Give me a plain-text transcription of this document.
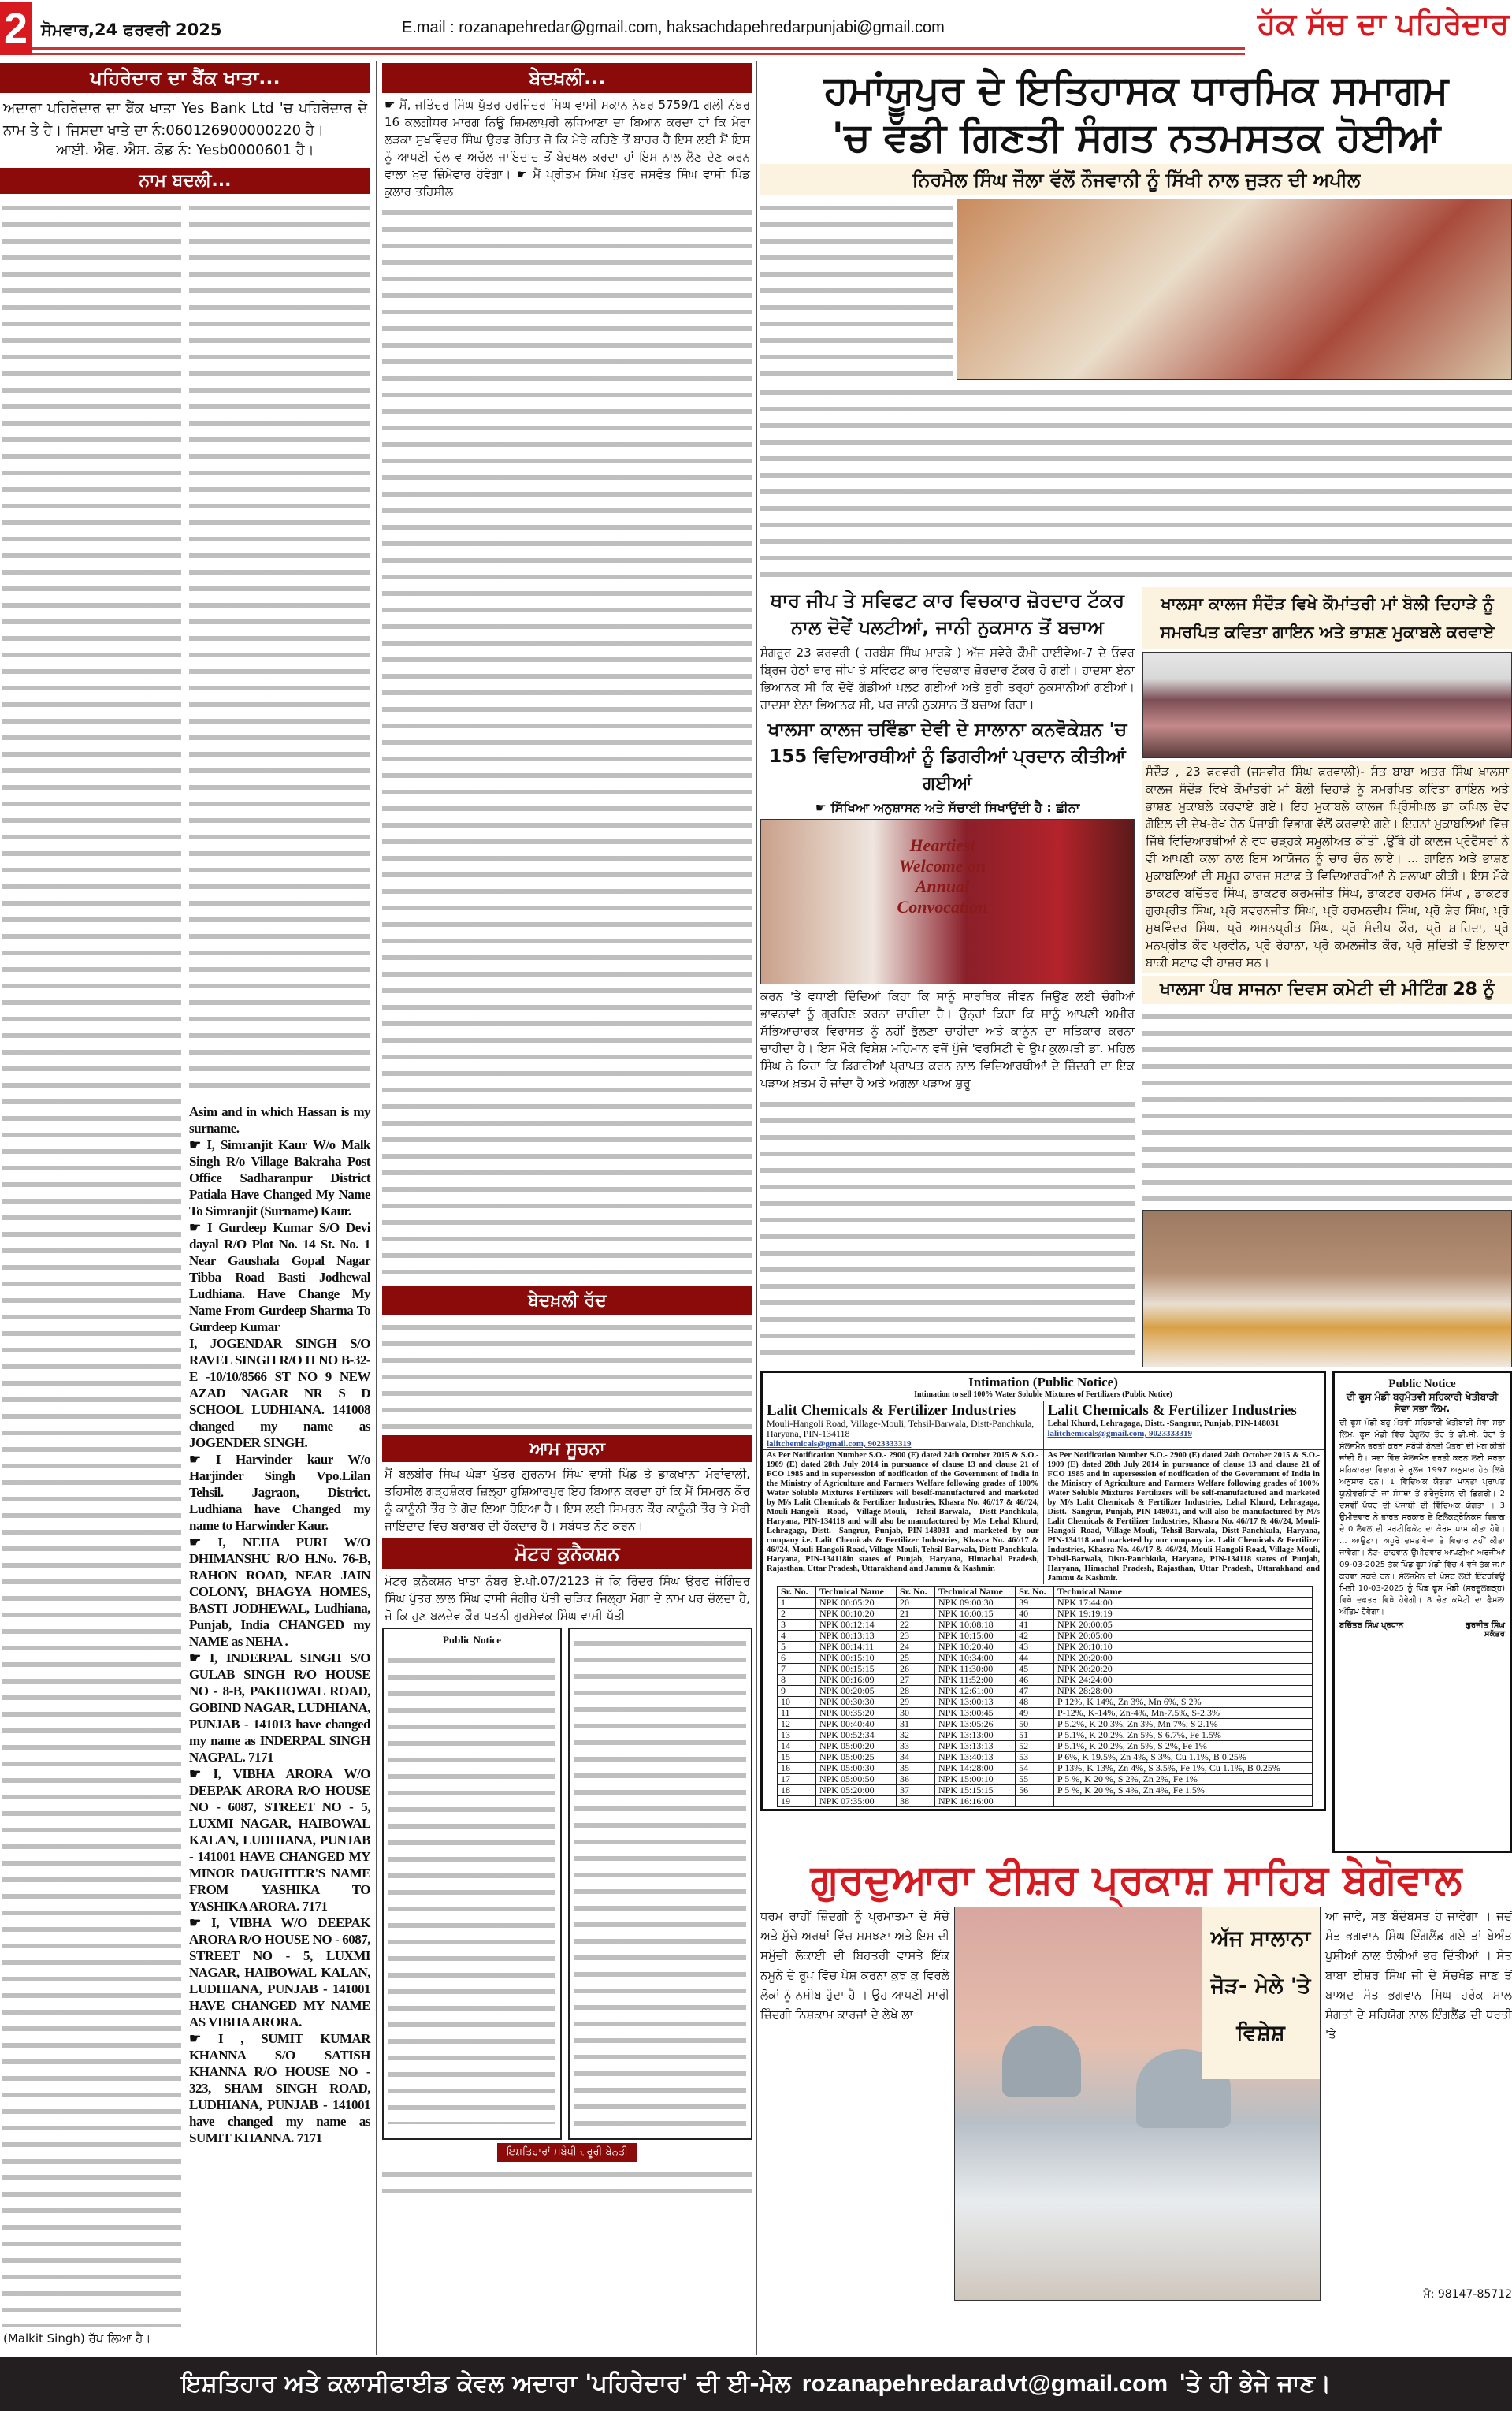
2 ਸੋਮਵਾਰ,24 ਫਰਵਰੀ 2025	E.mail : rozanapehredar@gmail.com, haksachdapehredarpunjabi@gmail.com	ਹੱਕ ਸੱਚ ਦਾ ਪਹਿਰੇਦਾਰ
ਪਹਿਰੇਦਾਰ ਦਾ ਬੈਂਕ ਖਾਤਾ...
ਅਦਾਰਾ ਪਹਿਰੇਦਾਰ ਦਾ ਬੈਂਕ ਖਾਤਾ Yes Bank Ltd 'ਚ ਪਹਿਰੇਦਾਰ ਦੇ ਨਾਮ ਤੇ ਹੈ। ਜਿਸਦਾ ਖਾਤੇ ਦਾ ਨੰ:060126900000220 ਹੈ।
ਆਈ. ਐਫ. ਐਸ. ਕੋਡ ਨੰ: Yesb0000601 ਹੈ।
ਨਾਮ ਬਦਲੀ...
(Malkit Singh) ਰੱਖ ਲਿਆ ਹੈ।

Asim and in which Hassan is my surname.

☛ I, Simranjit Kaur W/o Malk Singh R/o Village Bakraha Post Office Sadharanpur District Patiala Have Changed My Name To Simranjit (Surname) Kaur.

☛ I Gurdeep Kumar S/O Devi dayal R/O Plot No. 14 St. No. 1 Near Gaushala Gopal Nagar Tibba Road Basti Jodhewal Ludhiana. Have Change My Name From Gurdeep Sharma To Gurdeep Kumar

I, JOGENDAR SINGH S/O RAVEL SINGH R/O H NO B-32-E -10/10/8566 ST NO 9 NEW AZAD NAGAR NR S D SCHOOL LUDHIANA. 141008 changed my name as JOGENDER SINGH.

☛ I Harvinder kaur W/o Harjinder Singh Vpo.Lilan Tehsil. Jagraon, District. Ludhiana have Changed my name to Harwinder Kaur.

☛ I, NEHA PURI W/O DHIMANSHU R/O H.No. 76-B, RAHON ROAD, NEAR JAIN COLONY, BHAGYA HOMES, BASTI JODHEWAL, Ludhiana, Punjab, India CHANGED my NAME as NEHA .

☛ I, INDERPAL SINGH S/O GULAB SINGH R/O HOUSE NO - 8-B, PAKHOWAL ROAD, GOBIND NAGAR, LUDHIANA, PUNJAB - 141013 have changed my name as INDERPAL SINGH NAGPAL. 7171

☛ I, VIBHA ARORA W/O DEEPAK ARORA R/O HOUSE NO - 6087, STREET NO - 5, LUXMI NAGAR, HAIBOWAL KALAN, LUDHIANA, PUNJAB - 141001 HAVE CHANGED MY MINOR DAUGHTER'S NAME FROM YASHIKA TO YASHIKA ARORA. 7171

☛ I, VIBHA W/O DEEPAK ARORA R/O HOUSE NO - 6087, STREET NO - 5, LUXMI NAGAR, HAIBOWAL KALAN, LUDHIANA, PUNJAB - 141001 HAVE CHANGED MY NAME AS VIBHA ARORA.

☛ I , SUMIT KUMAR KHANNA S/O SATISH KHANNA R/O HOUSE NO - 323, SHAM SINGH ROAD, LUDHIANA, PUNJAB - 141001 have changed my name as SUMIT KHANNA. 7171

ਬੇਦਖ਼ਲੀ...
☛ ਮੈਂ, ਜਤਿੰਦਰ ਸਿੰਘ ਪੁੱਤਰ ਹਰਜਿੰਦਰ ਸਿੰਘ ਵਾਸੀ ਮਕਾਨ ਨੰਬਰ 5759/1 ਗਲੀ ਨੰਬਰ 16 ਕਲਗੀਧਰ ਮਾਰਗ ਨਿਊ ਸ਼ਿਮਲਾਪੁਰੀ ਲੁਧਿਆਣਾ ਦਾ ਬਿਆਨ ਕਰਦਾ ਹਾਂ ਕਿ ਮੇਰਾ ਲੜਕਾ ਸੁਖਵਿੰਦਰ ਸਿੰਘ ਉਰਫ ਰੋਹਿਤ ਜੋ ਕਿ ਮੇਰੇ ਕਹਿਣੇ ਤੋਂ ਬਾਹਰ ਹੈ ਇਸ ਲਈ ਮੈਂ ਇਸ ਨੂੰ ਆਪਣੀ ਚੱਲ ਵ ਅਚੱਲ ਜਾਇਦਾਦ ਤੋਂ ਬੇਦਖਲ ਕਰਦਾ ਹਾਂ ਇਸ ਨਾਲ ਲੈਣ ਦੇਣ ਕਰਨ ਵਾਲਾ ਖੁਦ ਜ਼ਿੰਮੇਵਾਰ ਹੋਵੇਗਾ। ☛ ਮੈਂ ਪ੍ਰੀਤਮ ਸਿੰਘ ਪੁੱਤਰ ਜਸਵੰਤ ਸਿੰਘ ਵਾਸੀ ਪਿੰਡ ਕੁਲਾਰ ਤਹਿਸੀਲ
ਬੇਦਖ਼ਲੀ ਰੱਦ
ਆਮ ਸੂਚਨਾ
ਮੈਂ ਬਲਬੀਰ ਸਿੰਘ ਘੇੜਾ ਪੁੱਤਰ ਗੁਰਨਾਮ ਸਿੰਘ ਵਾਸੀ ਪਿੰਡ ਤੇ ਡਾਕਖਾਨਾ ਮੋਰਾਂਵਾਲੀ, ਤਹਿਸੀਲ ਗੜ੍ਹਸ਼ੰਕਰ ਜ਼ਿਲ੍ਹਾ ਹੁਸ਼ਿਆਰਪੁਰ ਇਹ ਬਿਆਨ ਕਰਦਾ ਹਾਂ ਕਿ ਮੈਂ ਸਿਮਰਨ ਕੌਰ ਨੂੰ ਕਾਨੂੰਨੀ ਤੌਰ ਤੇ ਗੋਦ ਲਿਆ ਹੋਇਆ ਹੈ। ਇਸ ਲਈ ਸਿਮਰਨ ਕੌਰ ਕਾਨੂੰਨੀ ਤੌਰ ਤੇ ਮੇਰੀ ਜਾਇਦਾਦ ਵਿਚ ਬਰਾਬਰ ਦੀ ਹੱਕਦਾਰ ਹੈ। ਸਬੰਧਤ ਨੋਟ ਕਰਨ।
ਮੋਟਰ ਕੁਨੈਕਸ਼ਨ
ਮੋਟਰ ਕੁਨੈਕਸ਼ਨ ਖਾਤਾ ਨੰਬਰ ਏ.ਪੀ.07/2123 ਜੋ ਕਿ ਰਿੰਦਰ ਸਿੰਘ ਉਰਫ ਜੋਗਿੰਦਰ ਸਿੰਘ ਪੁੱਤਰ ਲਾਲ ਸਿੰਘ ਵਾਸੀ ਜੰਗੀਰ ਪੱਤੀ ਚੜਿੱਕ ਜਿਲ੍ਹਾ ਮੋਗਾ ਦੇ ਨਾਮ ਪਰ ਚੱਲਦਾ ਹੈ, ਜੋ ਕਿ ਹੁਣ ਬਲਦੇਵ ਕੌਰ ਪਤਨੀ ਗੁਰਸੇਵਕ ਸਿੰਘ ਵਾਸੀ ਪੱਤੀ
Public Notice
ਇਸ਼ਤਿਹਾਰਾਂ ਸਬੰਧੀ ਜ਼ਰੂਰੀ ਬੇਨਤੀ
ਹਮਾਂਯੂਪੁਰ ਦੇ ਇਤਿਹਾਸਕ ਧਾਰਮਿਕ ਸਮਾਗਮ
'ਚ ਵੱਡੀ ਗਿਣਤੀ ਸੰਗਤ ਨਤਮਸਤਕ ਹੋਈਆਂ
ਨਿਰਮੈਲ ਸਿੰਘ ਜੌਲਾ ਵੱਲੋਂ ਨੌਜਵਾਨੀ ਨੂੰ ਸਿੱਖੀ ਨਾਲ ਜੁੜਨ ਦੀ ਅਪੀਲ
ਥਾਰ ਜੀਪ ਤੇ ਸਵਿਫਟ ਕਾਰ ਵਿਚਕਾਰ ਜ਼ੋਰਦਾਰ ਟੱਕਰ
ਨਾਲ ਦੋਵੇਂ ਪਲਟੀਆਂ, ਜਾਨੀ ਨੁਕਸਾਨ ਤੋਂ ਬਚਾਅ
ਸੰਗਰੂਰ 23 ਫਰਵਰੀ ( ਹਰਬੰਸ ਸਿੰਘ ਮਾਰਡੇ ) ਅੱਜ ਸਵੇਰੇ ਕੌਮੀ ਹਾਈਵੇਅ-7 ਦੇ ਓਵਰ ਬ੍ਰਿਜ ਹੇਠਾਂ ਥਾਰ ਜੀਪ ਤੇ ਸਵਿਫਟ ਕਾਰ ਵਿਚਕਾਰ ਜ਼ੋਰਦਾਰ ਟੱਕਰ ਹੋ ਗਈ। ਹਾਦਸਾ ਏਨਾ ਭਿਆਨਕ ਸੀ ਕਿ ਦੋਵੇਂ ਗੱਡੀਆਂ ਪਲਟ ਗਈਆਂ ਅਤੇ ਬੁਰੀ ਤਰ੍ਹਾਂ ਨੁਕਸਾਨੀਆਂ ਗਈਆਂ। ਹਾਦਸਾ ਏਨਾ ਭਿਆਨਕ ਸੀ, ਪਰ ਜਾਨੀ ਨੁਕਸਾਨ ਤੋਂ ਬਚਾਅ ਰਿਹਾ।
ਖਾਲਸਾ ਕਾਲਜ ਚਵਿੰਡਾ ਦੇਵੀ ਦੇ ਸਾਲਾਨਾ ਕਨਵੋਕੇਸ਼ਨ 'ਚ
155 ਵਿਦਿਆਰਥੀਆਂ ਨੂੰ ਡਿਗਰੀਆਂ ਪ੍ਰਦਾਨ ਕੀਤੀਆਂ ਗਈਆਂ
☛ ਸਿੱਖਿਆ ਅਨੁਸ਼ਾਸਨ ਅਤੇ ਸੱਚਾਈ ਸਿਖਾਉਂਦੀ ਹੈ : ਛੀਨਾ
Heartiest Welcome on Annual Convocation
ਕਰਨ 'ਤੇ ਵਧਾਈ ਦਿੰਦਿਆਂ ਕਿਹਾ ਕਿ ਸਾਨੂੰ ਸਾਰਥਿਕ ਜੀਵਨ ਜਿਉਣ ਲਈ ਚੰਗੀਆਂ ਭਾਵਨਾਵਾਂ ਨੂੰ ਗ੍ਰਹਿਣ ਕਰਨਾ ਚਾਹੀਦਾ ਹੈ। ਉਨ੍ਹਾਂ ਕਿਹਾ ਕਿ ਸਾਨੂੰ ਆਪਣੀ ਅਮੀਰ ਸੱਭਿਆਚਾਰਕ ਵਿਰਾਸਤ ਨੂੰ ਨਹੀਂ ਭੁੱਲਣਾ ਚਾਹੀਦਾ ਅਤੇ ਕਾਨੂੰਨ ਦਾ ਸਤਿਕਾਰ ਕਰਨਾ ਚਾਹੀਦਾ ਹੈ। ਇਸ ਮੌਕੇ ਵਿਸ਼ੇਸ਼ ਮਹਿਮਾਨ ਵਜੋਂ ਪੁੱਜੇ 'ਵਰਸਿਟੀ ਦੇ ਉਪ ਕੁਲਪਤੀ ਡਾ. ਮਹਿਲ ਸਿੰਘ ਨੇ ਕਿਹਾ ਕਿ ਡਿਗਰੀਆਂ ਪ੍ਰਾਪਤ ਕਰਨ ਨਾਲ ਵਿਦਿਆਰਥੀਆਂ ਦੇ ਜ਼ਿੰਦਗੀ ਦਾ ਇਕ ਪੜਾਅ ਖ਼ਤਮ ਹੋ ਜਾਂਦਾ ਹੈ ਅਤੇ ਅਗਲਾ ਪੜਾਅ ਸ਼ੁਰੂ
ਖਾਲਸਾ ਕਾਲਜ ਸੰਦੌੜ ਵਿਖੇ ਕੌਮਾਂਤਰੀ ਮਾਂ ਬੋਲੀ ਦਿਹਾੜੇ ਨੂੰ
ਸਮਰਪਿਤ ਕਵਿਤਾ ਗਾਇਨ ਅਤੇ ਭਾਸ਼ਣ ਮੁਕਾਬਲੇ ਕਰਵਾਏ
ਸੰਦੌੜ , 23 ਫਰਵਰੀ (ਜਸਵੀਰ ਸਿੰਘ ਫਰਵਾਲੀ)- ਸੰਤ ਬਾਬਾ ਅਤਰ ਸਿੰਘ ਖ਼ਾਲਸਾ ਕਾਲਜ ਸੰਦੌੜ ਵਿਖੇ ਕੌਮਾਂਤਰੀ ਮਾਂ ਬੋਲੀ ਦਿਹਾੜੇ ਨੂੰ ਸਮਰਪਿਤ ਕਵਿਤਾ ਗਾਇਨ ਅਤੇ ਭਾਸ਼ਣ ਮੁਕਾਬਲੇ ਕਰਵਾਏ ਗਏ। ਇਹ ਮੁਕਾਬਲੇ ਕਾਲਜ ਪ੍ਰਿੰਸੀਪਲ ਡਾ ਕਪਿਲ ਦੇਵ ਗੋਇਲ ਦੀ ਦੇਖ-ਰੇਖ ਹੇਠ ਪੰਜਾਬੀ ਵਿਭਾਗ ਵੱਲੋਂ ਕਰਵਾਏ ਗਏ। ਇਹਨਾਂ ਮੁਕਾਬਲਿਆਂ ਵਿੱਚ ਜਿੱਥੇ ਵਿਦਿਆਰਥੀਆਂ ਨੇ ਵਧ ਚੜ੍ਹਕੇ ਸਮੂਲੀਅਤ ਕੀਤੀ ,ਉੱਥੇ ਹੀ ਕਾਲਜ ਪ੍ਰੋਫੈਸਰਾਂ ਨੇ ਵੀ ਆਪਣੀ ਕਲਾ ਨਾਲ ਇਸ ਆਯੋਜਨ ਨੂੰ ਚਾਰ ਚੰਨ ਲਾਏ। ... ਗਾਇਨ ਅਤੇ ਭਾਸ਼ਣ ਮੁਕਾਬਲਿਆਂ ਦੀ ਸਮੂਹ ਕਾਰਜ ਸਟਾਫ ਤੇ ਵਿਦਿਆਰਥੀਆਂ ਨੇ ਸ਼ਲਾਘਾ ਕੀਤੀ। ਇਸ ਮੌਕੇ ਡਾਕਟਰ ਬਚਿੱਤਰ ਸਿੰਘ, ਡਾਕਟਰ ਕਰਮਜੀਤ ਸਿੰਘ, ਡਾਕਟਰ ਹਰਮਨ ਸਿੰਘ , ਡਾਕਟਰ ਗੁਰਪ੍ਰੀਤ ਸਿੰਘ, ਪ੍ਰੋ ਸਵਰਨਜੀਤ ਸਿੰਘ, ਪ੍ਰੋ ਹਰਮਨਦੀਪ ਸਿੰਘ, ਪ੍ਰੋ ਸ਼ੇਰ ਸਿੰਘ, ਪ੍ਰੋ ਸੁਖਵਿੰਦਰ ਸਿੰਘ, ਪ੍ਰੋ ਅਮਨਪ੍ਰੀਤ ਸਿੰਘ, ਪ੍ਰੋ ਸੰਦੀਪ ਕੌਰ, ਪ੍ਰੋ ਸ਼ਾਹਿਦਾ, ਪ੍ਰੋ ਮਨਪ੍ਰੀਤ ਕੌਰ ਪ੍ਰਵੀਨ, ਪ੍ਰੋ ਰੇਹਾਨਾ, ਪ੍ਰੋ ਕਮਲਜੀਤ ਕੌਰ, ਪ੍ਰੋ ਸੁਦਿਤੀ ਤੋਂ ਇਲਾਵਾ ਬਾਕੀ ਸਟਾਫ ਵੀ ਹਾਜ਼ਰ ਸਨ।
ਖਾਲਸਾ ਪੰਥ ਸਾਜਨਾ ਦਿਵਸ ਕਮੇਟੀ ਦੀ ਮੀਟਿੰਗ 28 ਨੂੰ
Intimation (Public Notice)
Intimation to sell 100% Water Soluble Mixtures of Fertilizers (Public Notice)
Lalit Chemicals & Fertilizer Industries
Mouli-Hangoli Road, Village-Mouli, Tehsil-Barwala, Distt-Panchkula, Haryana, PIN-134118
lalitchemicals@gmail.com, 9023333319
Lalit Chemicals & Fertilizer Industries
Lehal Khurd, Lehragaga, Distt. -Sangrur, Punjab, PIN-148031
lalitchemicals@gmail.com, 9023333319
As Per Notification Number S.O.- 2900 (E) dated 24th October 2015 & S.O.- 1909 (E) dated 28th July 2014 in pursuance of clause 13 and clause 21 of FCO 1985 and in supersession of notification of the Government of India in the Ministry of Agriculture and Farmers Welfare following grades of 100% Water Soluble Mixtures Fertilizers will beself-manufactured and marketed by M/s Lalit Chemicals & Fertilizer Industries, Khasra No. 46//17 & 46//24, Mouli-Hangoli Road, Village-Mouli, Tehsil-Barwala, Distt-Panchkula, Haryana, PIN-134118 and will also be manufactured by M/s Lehal Khurd, Lehragaga, Distt. -Sangrur, Punjab, PIN-148031 and marketed by our company i.e. Lalit Chemicals & Fertilizer Industries, Khasra No. 46//17 & 46//24, Mouli-Hangoli Road, Village-Mouli, Tehsil-Barwala, Distt-Panchkula, Haryana, PIN-134118in states of Punjab, Haryana, Himachal Pradesh, Rajasthan, Uttar Pradesh, Uttarakhand and Jammu & Kashmir.
As Per Notification Number S.O.- 2900 (E) dated 24th October 2015 & S.O.- 1909 (E) dated 28th July 2014 in pursuance of clause 13 and clause 21 of FCO 1985 and in supersession of notification of the Government of India in the Ministry of Agriculture and Farmers Welfare following grades of 100% Water Soluble Mixtures Fertilizers will be self-manufactured and marketed by M/s Lalit Chemicals & Fertilizer Industries, Lehal Khurd, Lehragaga, Distt. -Sangrur, Punjab, PIN-148031, and will also be manufactured by M/s Lalit Chemicals & Fertilizer Industries, Khasra No. 46//17 & 46//24, Mouli-Hangoli Road, Village-Mouli, Tehsil-Barwala, Distt-Panchkula, Haryana, PIN-134118 and marketed by our company i.e. Lalit Chemicals & Fertilizer Industries, Khasra No. 46//17 & 46//24, Mouli-Hangoli Road, Village-Mouli, Tehsil-Barwala, Distt-Panchkula, Haryana, PIN-134118 states of Punjab, Haryana, Himachal Pradesh, Rajasthan, Uttar Pradesh, Uttarakhand and Jammu & Kashmir.
Sr. No.	Technical Name	Sr. No.	Technical Name	Sr. No.	Technical Name
1	NPK 00:05:20	20	NPK 09:00:30	39	NPK 17:44:00
2	NPK 00:10:20	21	NPK 10:00:15	40	NPK 19:19:19
3	NPK 00:12:14	22	NPK 10:08:18	41	NPK 20:00:05
4	NPK 00:13:13	23	NPK 10:15:00	42	NPK 20:05:00
5	NPK 00:14:11	24	NPK 10:20:40	43	NPK 20:10:10
6	NPK 00:15:10	25	NPK 10:34:00	44	NPK 20:20:00
7	NPK 00:15:15	26	NPK 11:30:00	45	NPK 20:20:20
8	NPK 00:16:09	27	NPK 11:52:00	46	NPK 24:24:00
9	NPK 00:20:05	28	NPK 12:61:00	47	NPK 28:28:00
10	NPK 00:30:30	29	NPK 13:00:13	48	P 12%, K 14%, Zn 3%, Mn 6%, S 2%
11	NPK 00:35:20	30	NPK 13:00:45	49	P-12%, K-14%, Zn-4%, Mn-7.5%, S-2.3%
12	NPK 00:40:40	31	NPK 13:05:26	50	P 5.2%, K 20.3%, Zn 3%, Mn 7%, S 2.1%
13	NPK 00:52:34	32	NPK 13:13:00	51	P 5.1%, K 20.2%, Zn 5%, S 6.7%, Fe 1.5%
14	NPK 05:00:20	33	NPK 13:13:13	52	P 5.1%, K 20.2%, Zn 5%, S 2%, Fe 1%
15	NPK 05:00:25	34	NPK 13:40:13	53	P 6%, K 19.5%, Zn 4%, S 3%, Cu 1.1%, B 0.25%
16	NPK 05:00:30	35	NPK 14:28:00	54	P 13%, K 13%, Zn 4%, S 3.5%, Fe 1%, Cu 1.1%, B 0.25%
17	NPK 05:00:50	36	NPK 15:00:10	55	P 5 %, K 20 %, S 2%, Zn 2%, Fe 1%
18	NPK 05:20:00	37	NPK 15:15:15	56	P 5 %, K 20 %, S 4%, Zn 4%, Fe 1.5%
19	NPK 07:35:00	38	NPK 16:16:00		
Public Notice
ਦੀ ਫੂਸ ਮੰਡੀ ਬਹੁਮੰਤਵੀ ਸਹਿਕਾਰੀ ਖੇਤੀਬਾੜੀ ਸੇਵਾ ਸਭਾ ਲਿਮ.
ਦੀ ਫੂਸ ਮੰਡੀ ਬਹੁ ਮੰਤਵੀ ਸਹਿਕਾਰੀ ਖੇਤੀਬਾੜੀ ਸੇਵਾ ਸਭਾ ਲਿਮ. ਫੂਸ ਮੰਡੀ ਵਿੱਚ ਰੈਗੂਲਰ ਤੌਰ ਤੇ ਡੀ.ਸੀ. ਰੇਟਾਂ ਤੇ ਸੇਲਜਮੈਨ ਭਰਤੀ ਕਰਨ ਸਬੰਧੀ ਬੇਨਤੀ ਪੱਤਰਾਂ ਦੀ ਮੰਗ ਕੀਤੀ ਜਾਂਦੀ ਹੈ। ਸਭਾ ਵਿੱਚ ਸੇਲਜਮੈਨ ਭਰਤੀ ਕਰਨ ਲਈ ਸਰਤਾ ਸਹਿਕਾਰਤਾ ਵਿਭਾਗ ਦੇ ਰੂਲਜ 1997 ਅਨੁਸਾਰ ਹੇਠ ਲਿਖੇ ਅਨੁਸਾਰ ਹਨ। 1 ਵਿੱਦਿਅਕ ਯੋਗਤਾ ਮਾਨਤਾ ਪ੍ਰਾਪਤ ਯੂਨੀਵਰਸਿਟੀ ਜਾਂ ਸੰਸਥਾ ਤੋਂ ਗਰੈਜੂਏਸ਼ਨ ਦੀ ਡਿਗਰੀ। 2 ਦਸਵੀਂ ਪੱਧਰ ਦੀ ਪੰਜਾਬੀ ਦੀ ਵਿੱਦਿਅਕ ਯੋਗਤਾ । 3 ਉਮੀਦਵਾਰ ਨੇ ਭਾਰਤ ਸਰਕਾਰ ਦੇ ਇਲੈਕਟ੍ਰੋਨਿਕਸ ਵਿਭਾਗ ਦੇ 0 ਲੈਵਲ ਦੀ ਸਰਟੀਫਿਕੇਟ ਦਾ ਕੋਰਸ ਪਾਸ ਕੀਤਾ ਹੋਵੇ। ... ਆਉਣਾ। ਅਧੂਰੇ ਦਸਤਾਵੇਜਾ ਤੇ ਵਿਚਾਰ ਨਹੀਂ ਕੀਤਾ ਜਾਵੇਗਾ। ਨੋਟ- ਚਾਹਵਾਨ ਉਮੀਦਵਾਰ ਆਪਣੀਆਂ ਅਰਜੀਆਂ 09-03-2025 ਤੱਕ ਪਿੰਡ ਫੂਸ ਮੰਡੀ ਵਿੱਚ 4 ਵਜੇ ਤੱਕ ਜਮਾਂ ਕਰਵਾ ਸਕਦੇ ਹਨ। ਸੇਲਜਮੈਨ ਦੀ ਪੋਸਟ ਲਈ ਇੰਟਰਵਿਊ ਮਿਤੀ 10-03-2025 ਨੂੰ ਪਿੰਡ ਫੂਸ ਮੰਡੀ (ਸਰਦੂਲਗੜ੍ਹ) ਵਿਖੇ ਦਫਤਰ ਵਿਖੇ ਹੋਵੇਗੀ। 8 ਚੋਣ ਕਮੇਟੀ ਦਾ ਫੈਸਲਾ ਅੰਤਿਮ ਹੋਵੇਗਾ।
ਬਚਿੱਤਰ ਸਿੰਘ ਪ੍ਰਧਾਨ	ਗੁਰਜੀਤ ਸਿੰਘ ਸਕੱਤਰ
ਗੁਰਦੁਆਰਾ ਈਸ਼ਰ ਪ੍ਰਕਾਸ਼ ਸਾਹਿਬ ਬੇਗੋਵਾਲ
ਧਰਮ ਰਾਹੀਂ ਜ਼ਿੰਦਗੀ ਨੂੰ ਪ੍ਰਮਾਤਮਾ ਦੇ ਸੱਚੇ ਅਤੇ ਸੁੱਚੇ ਅਰਥਾਂ ਵਿੱਚ ਸਮਝਣਾ ਅਤੇ ਇਸ ਦੀ ਸਮੁੱਚੀ ਲੋਕਾਈ ਦੀ ਬਿਹਤਰੀ ਵਾਸਤੇ ਇੱਕ ਨਮੂਨੇ ਦੇ ਰੂਪ ਵਿੱਚ ਪੇਸ਼ ਕਰਨਾ ਕੁਝ ਕੁ ਵਿਰਲੇ ਲੋਕਾਂ ਨੂੰ ਨਸੀਬ ਹੁੰਦਾ ਹੈ । ਉਹ ਆਪਣੀ ਸਾਰੀ ਜ਼ਿੰਦਗੀ ਨਿਸ਼ਕਾਮ ਕਾਰਜਾਂ ਦੇ ਲੇਖੇ ਲਾ
ਅੱਜ ਸਾਲਾਨਾ ਜੋੜ- ਮੇਲੇ 'ਤੇ ਵਿਸ਼ੇਸ਼
ਆ ਜਾਵੇ, ਸਭ ਬੰਦੋਬਸਤ ਹੋ ਜਾਵੇਗਾ । ਜਦੋਂ ਸੰਤ ਭਗਵਾਨ ਸਿੰਘ ਇੰਗਲੈਂਡ ਗਏ ਤਾਂ ਬੇਅੰਤ ਖੁਸ਼ੀਆਂ ਨਾਲ ਝੋਲੀਆਂ ਭਰ ਦਿੱਤੀਆਂ । ਸੰਤ ਬਾਬਾ ਈਸ਼ਰ ਸਿੰਘ ਜੀ ਦੇ ਸੱਚਖੰਡ ਜਾਣ ਤੋਂ ਬਾਅਦ ਸੰਤ ਭਗਵਾਨ ਸਿੰਘ ਹਰੇਕ ਸਾਲ ਸੰਗਤਾਂ ਦੇ ਸਹਿਯੋਗ ਨਾਲ ਇੰਗਲੈਂਡ ਦੀ ਧਰਤੀ 'ਤੇ
ਮੋ: 98147-85712
ਇਸ਼ਤਿਹਾਰ ਅਤੇ ਕਲਾਸੀਫਾਈਡ ਕੇਵਲ ਅਦਾਰਾ 'ਪਹਿਰੇਦਾਰ' ਦੀ ਈ-ਮੇਲ rozanapehredaradvt@gmail.com 'ਤੇ ਹੀ ਭੇਜੇ ਜਾਣ।
